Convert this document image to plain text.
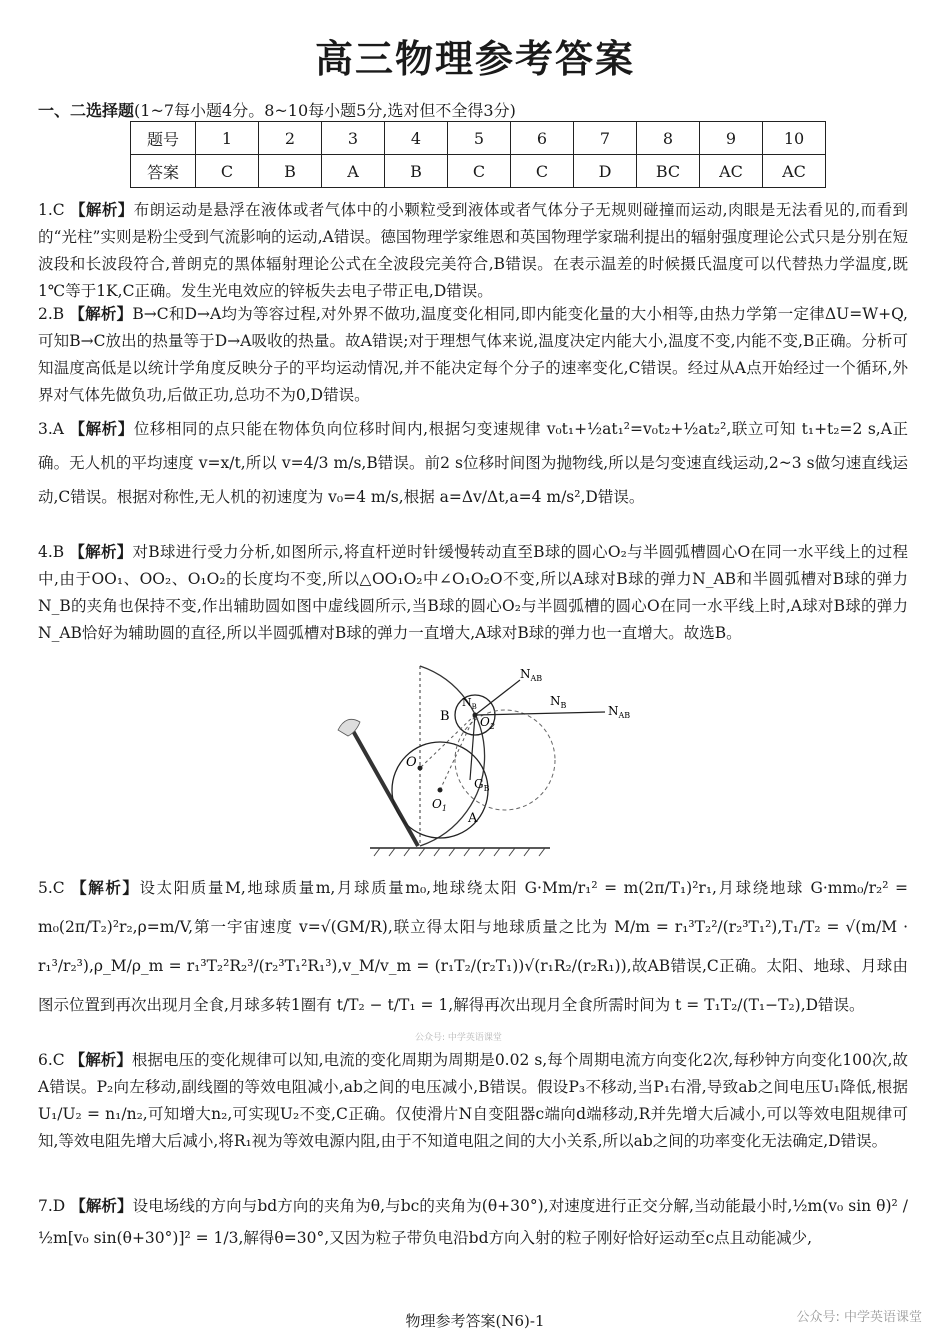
高三物理参考答案
一、二选择题(1~7每小题4分。8~10每小题5分,选对但不全得3分)
题号	1	2	3	4	5	6	7	8	9	10
答案	C	B	A	B	C	C	D	BC	AC	AC
1.C 【解析】布朗运动是悬浮在液体或者气体中的小颗粒受到液体或者气体分子无规则碰撞而运动,肉眼是无法看见的,而看到的“光柱”实则是粉尘受到气流影响的运动,A错误。德国物理学家维恩和英国物理学家瑞利提出的辐射强度理论公式只是分别在短波段和长波段符合,普朗克的黑体辐射理论公式在全波段完美符合,B错误。在表示温差的时候摄氏温度可以代替热力学温度,既1℃等于1K,C正确。发生光电效应的锌板失去电子带正电,D错误。
2.B 【解析】B→C和D→A均为等容过程,对外界不做功,温度变化相同,即内能变化量的大小相等,由热力学第一定律ΔU=W+Q,可知B→C放出的热量等于D→A吸收的热量。故A错误;对于理想气体来说,温度决定内能大小,温度不变,内能不变,B正确。分析可知温度高低是以统计学角度反映分子的平均运动情况,并不能决定每个分子的速率变化,C错误。经过从A点开始经过一个循环,外界对气体先做负功,后做正功,总功不为0,D错误。
3.A 【解析】位移相同的点只能在物体负向位移时间内,根据匀变速规律 v₀t₁+½at₁²=v₀t₂+½at₂²,联立可知 t₁+t₂=2 s,A正确。无人机的平均速度 v=x/t,所以 v=4/3 m/s,B错误。前2 s位移时间图为抛物线,所以是匀变速直线运动,2~3 s做匀速直线运动,C错误。根据对称性,无人机的初速度为 v₀=4 m/s,根据 a=Δv/Δt,a=4 m/s²,D错误。
4.B 【解析】对B球进行受力分析,如图所示,将直杆逆时针缓慢转动直至B球的圆心O₂与半圆弧槽圆心O在同一水平线上的过程中,由于OO₁、OO₂、O₁O₂的长度均不变,所以△OO₁O₂中∠O₁O₂O不变,所以A球对B球的弹力N_AB和半圆弧槽对B球的弹力N_B的夹角也保持不变,作出辅助圆如图中虚线圆所示,当B球的圆心O₂与半圆弧槽的圆心O在同一水平线上时,A球对B球的弹力N_AB恰好为辅助圆的直径,所以半圆弧槽对B球的弹力一直增大,A球对B球的弹力也一直增大。故选B。
$N_{AB}$
$N_{AB}$
$N_B$
$N_B$
B
O
$O_1$
$O_2$
$G_B$
A
5.C 【解析】设太阳质量M,地球质量m,月球质量m₀,地球绕太阳 G·Mm/r₁² = m(2π/T₁)²r₁,月球绕地球 G·mm₀/r₂² = m₀(2π/T₂)²r₂,ρ=m/V,第一宇宙速度 v=√(GM/R),联立得太阳与地球质量之比为 M/m = r₁³T₂²/(r₂³T₁²),T₁/T₂ = √(m/M · r₁³/r₂³),ρ_M/ρ_m = r₁³T₂²R₂³/(r₂³T₁²R₁³),v_M/v_m = (r₁T₂/(r₂T₁))√(r₁R₂/(r₂R₁)),故AB错误,C正确。太阳、地球、月球由图示位置到再次出现月全食,月球多转1圈有 t/T₂ − t/T₁ = 1,解得再次出现月全食所需时间为 t = T₁T₂/(T₁−T₂),D错误。
公众号: 中学英语课堂
6.C 【解析】根据电压的变化规律可以知,电流的变化周期为周期是0.02 s,每个周期电流方向变化2次,每秒钟方向变化100次,故A错误。P₂向左移动,副线圈的等效电阻减小,ab之间的电压减小,B错误。假设P₃不移动,当P₁右滑,导致ab之间电压U₁降低,根据 U₁/U₂ = n₁/n₂,可知增大n₂,可实现U₂不变,C正确。仅使滑片N自变阻器c端向d端移动,R并先增大后减小,可以等效电阻规律可知,等效电阻先增大后减小,将R₁视为等效电源内阻,由于不知道电阻之间的大小关系,所以ab之间的功率变化无法确定,D错误。
7.D 【解析】设电场线的方向与bd方向的夹角为θ,与bc的夹角为(θ+30°),对速度进行正交分解,当动能最小时,½m(v₀ sin θ)² / ½m[v₀ sin(θ+30°)]² = 1/3,解得θ=30°,又因为粒子带负电沿bd方向入射的粒子刚好恰好运动至c点且动能减少,
物理参考答案(N6)-1	公众号: 中学英语课堂
